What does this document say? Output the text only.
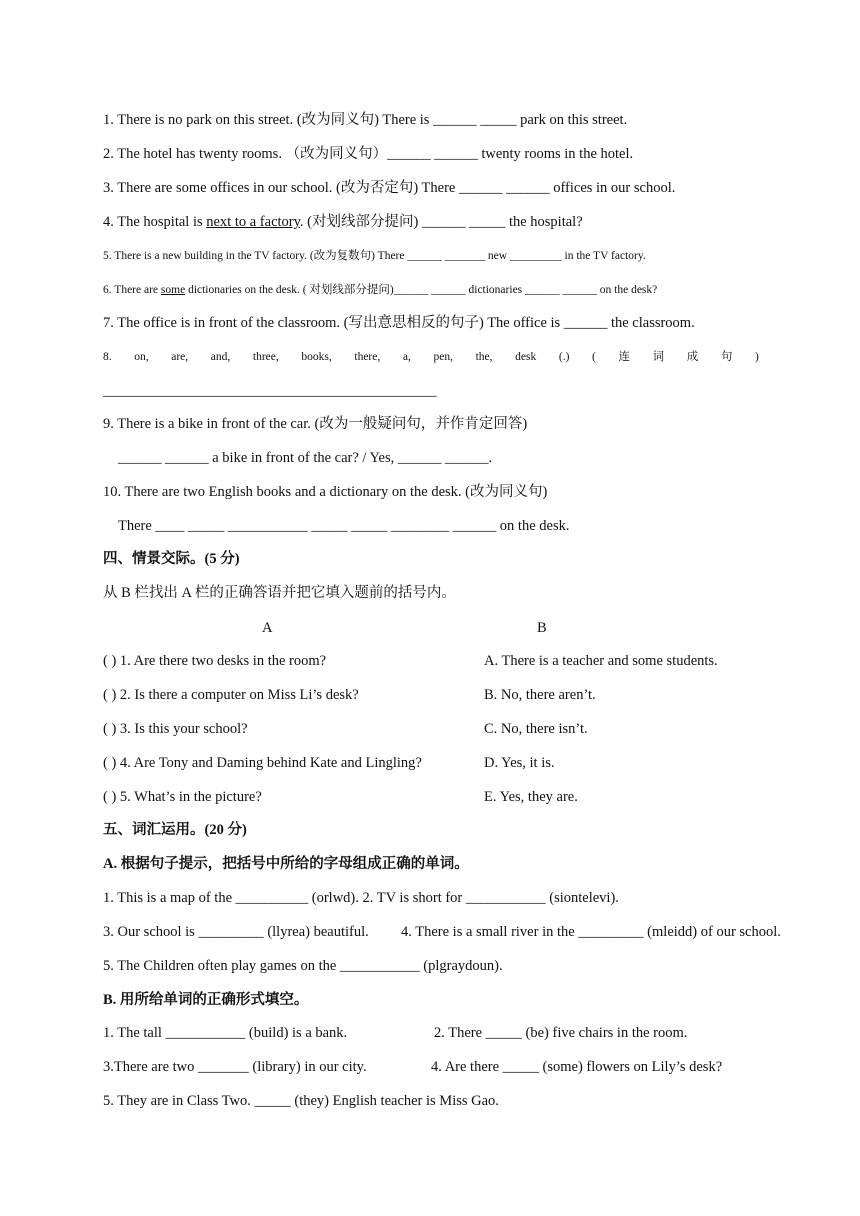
1. There is no park on this street. (改为同义句) There is ______ _____ park on this street.
2. The hotel has twenty rooms. （改为同义句）______ ______ twenty rooms in the hotel.
3. There are some offices in our school. (改为否定句) There ______ ______ offices in our school.
4. The hospital is next to a factory. (对划线部分提问) ______ _____ the hospital?
5. There is a new building in the TV factory. (改为复数句) There ______ _______ new _________ in the TV factory.
6. There are some dictionaries on the desk. ( 对划线部分提问)______ ______ dictionaries ______ ______ on the desk?
7. The office is in front of the classroom. (写出意思相反的句子) The office is ______ the classroom.
8. on, are, and, three, books, there, a, pen, the, desk (.) ( 连 词 成 句 )
______________________________________________
9. There is a bike in front of the car. (改为一般疑问句，并作肯定回答)
______ ______ a bike in front of the car? / Yes, ______ ______.
10. There are two English books and a dictionary on the desk. (改为同义句)
There ____ _____ ___________ _____ _____ ________ ______ on the desk.
四、情景交际。(5 分)
从 B 栏找出 A 栏的正确答语并把它填入题前的括号内。
A	B
( ) 1. Are there two desks in the room?	A. There is a teacher and some students.
( ) 2. Is there a computer on Miss Li’s desk?	B. No, there aren’t.
( ) 3. Is this your school?	C. No, there isn’t.
( ) 4. Are Tony and Daming behind Kate and Lingling?	D. Yes, it is.
( ) 5. What’s in the picture?	E. Yes, they are.
五、词汇运用。(20 分)
A. 根据句子提示，把括号中所给的字母组成正确的单词。
1. This is a map of the __________ (orlwd). 2. TV is short for ___________ (siontelevi).
3. Our school is _________ (llyrea) beautiful. 4. There is a small river in the _________ (mleidd) of our school.
5. The Children often play games on the ___________ (plgraydoun).
B. 用所给单词的正确形式填空。
1. The tall ___________ (build) is a bank.	2. There _____ (be) five chairs in the room.
3.There are two _______ (library) in our city.	4. Are there _____ (some) flowers on Lily’s desk?
5. They are in Class Two. _____ (they) English teacher is Miss Gao.
